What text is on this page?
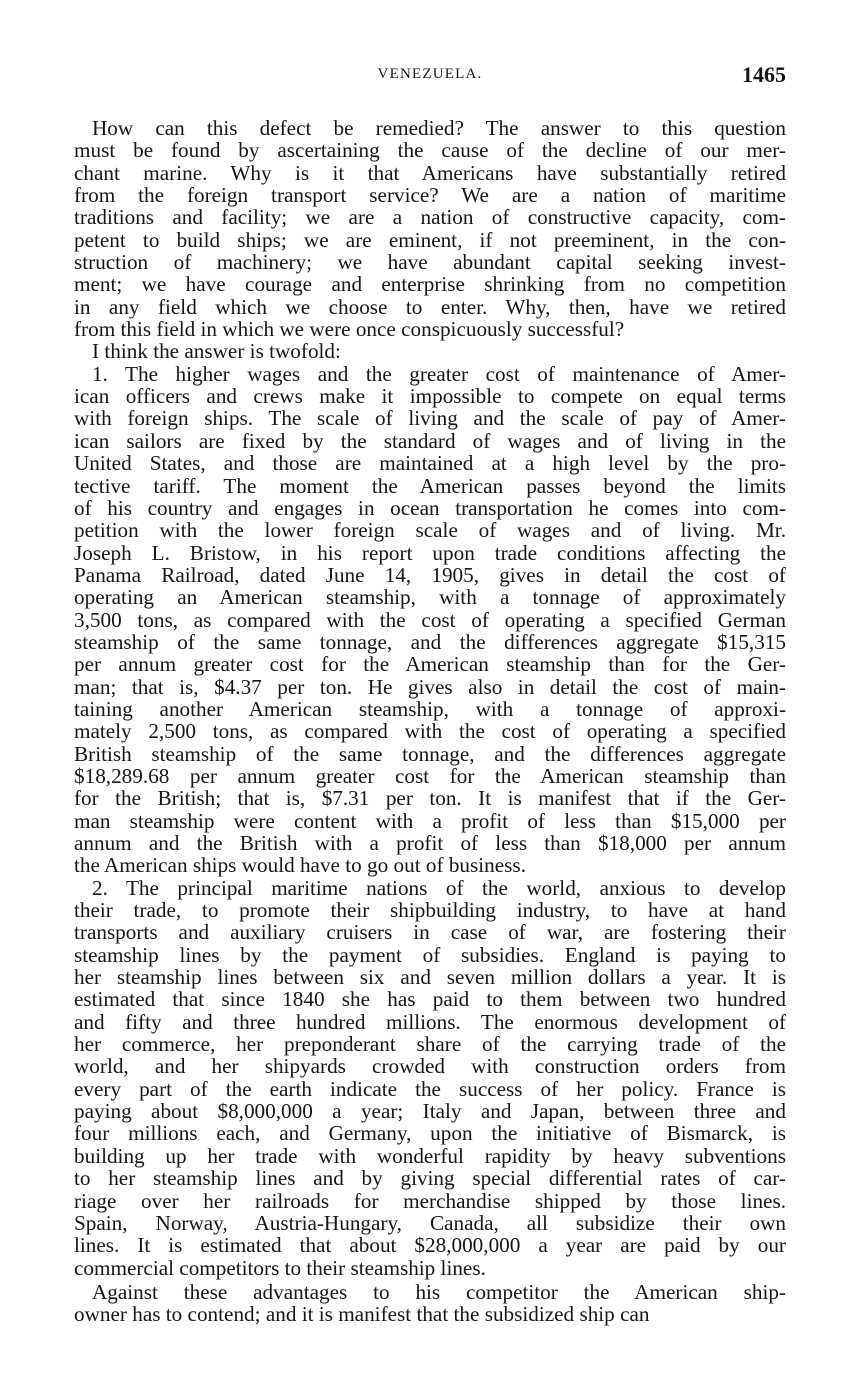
VENEZUELA.	1465
How can this defect be remedied? The answer to this question
must be found by ascertaining the cause of the decline of our mer-
chant marine. Why is it that Americans have substantially retired
from the foreign transport service? We are a nation of maritime
traditions and facility; we are a nation of constructive capacity, com-
petent to build ships; we are eminent, if not preeminent, in the con-
struction of machinery; we have abundant capital seeking invest-
ment; we have courage and enterprise shrinking from no competition
in any field which we choose to enter. Why, then, have we retired
from this field in which we were once conspicuously successful?
I think the answer is twofold:
1. The higher wages and the greater cost of maintenance of Amer-
ican officers and crews make it impossible to compete on equal terms
with foreign ships. The scale of living and the scale of pay of Amer-
ican sailors are fixed by the standard of wages and of living in the
United States, and those are maintained at a high level by the pro-
tective tariff. The moment the American passes beyond the limits
of his country and engages in ocean transportation he comes into com-
petition with the lower foreign scale of wages and of living. Mr.
Joseph L. Bristow, in his report upon trade conditions affecting the
Panama Railroad, dated June 14, 1905, gives in detail the cost of
operating an American steamship, with a tonnage of approximately
3,500 tons, as compared with the cost of operating a specified German
steamship of the same tonnage, and the differences aggregate $15,315
per annum greater cost for the American steamship than for the Ger-
man; that is, $4.37 per ton. He gives also in detail the cost of main-
taining another American steamship, with a tonnage of approxi-
mately 2,500 tons, as compared with the cost of operating a specified
British steamship of the same tonnage, and the differences aggregate
$18,289.68 per annum greater cost for the American steamship than
for the British; that is, $7.31 per ton. It is manifest that if the Ger-
man steamship were content with a profit of less than $15,000 per
annum and the British with a profit of less than $18,000 per annum
the American ships would have to go out of business.
2. The principal maritime nations of the world, anxious to develop
their trade, to promote their shipbuilding industry, to have at hand
transports and auxiliary cruisers in case of war, are fostering their
steamship lines by the payment of subsidies. England is paying to
her steamship lines between six and seven million dollars a year. It is
estimated that since 1840 she has paid to them between two hundred
and fifty and three hundred millions. The enormous development of
her commerce, her preponderant share of the carrying trade of the
world, and her shipyards crowded with construction orders from
every part of the earth indicate the success of her policy. France is
paying about $8,000,000 a year; Italy and Japan, between three and
four millions each, and Germany, upon the initiative of Bismarck, is
building up her trade with wonderful rapidity by heavy subventions
to her steamship lines and by giving special differential rates of car-
riage over her railroads for merchandise shipped by those lines.
Spain, Norway, Austria-Hungary, Canada, all subsidize their own
lines. It is estimated that about $28,000,000 a year are paid by our
commercial competitors to their steamship lines.
Against these advantages to his competitor the American ship-
owner has to contend; and it is manifest that the subsidized ship can
